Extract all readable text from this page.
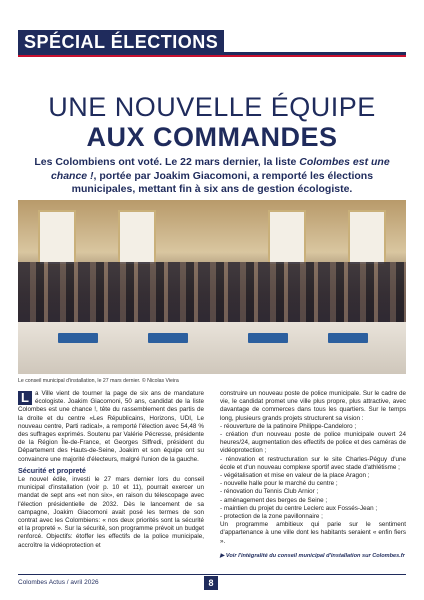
SPÉCIAL ÉLECTIONS
UNE NOUVELLE ÉQUIPE
AUX COMMANDES
Les Colombiens ont voté. Le 22 mars dernier, la liste Colombes est une chance !, portée par Joakim Giacomoni, a remporté les élections municipales, mettant fin à six ans de gestion écologiste.
Le conseil municipal d'installation, le 27 mars dernier. © Nicolas Vieira
L a Ville vient de tourner la page de six ans de mandature écologiste. Joakim Giacomoni, 50 ans, candidat de la liste Colombes est une chance !, tête du rassemblement des partis de la droite et du centre «Les Républicains, Horizons, UDI, Le nouveau centre, Parti radical», a remporté l'élection avec 54,48 % des suffrages exprimés. Soutenu par Valérie Pécresse, présidente de la Région Île-de-France, et Georges Siffredi, président du Département des Hauts-de-Seine, Joakim et son équipe ont su convaincre une majorité d'électeurs, malgré l'union de la gauche.
Sécurité et propreté
Le nouvel édile, investi le 27 mars dernier lors du conseil municipal d'installation (voir p. 10 et 11), pourrait exercer un mandat de sept ans «et non six», en raison du télescopage avec l'élection présidentielle de 2032. Dès le lancement de sa campagne, Joakim Giacomoni avait posé les termes de son contrat avec les Colombiens: « nos deux priorités sont la sécurité et la propreté ». Sur la sécurité, son programme prévoit un budget renforcé. Objectifs: étoffer les effectifs de la police municipale, accroître la vidéoprotection et
construire un nouveau poste de police municipale. Sur le cadre de vie, le candidat promet une ville plus propre, plus attractive, avec davantage de commerces dans tous les quartiers. Sur le temps long, plusieurs grands projets structurent sa vision :
- réouverture de la patinoire Philippe-Candeloro ;
- création d'un nouveau poste de police municipale ouvert 24 heures/24, augmentation des effectifs de police et des caméras de vidéoprotection ;
- rénovation et restructuration sur le site Charles-Péguy d'une école et d'un nouveau complexe sportif avec stade d'athlétisme ;
- végétalisation et mise en valeur de la place Aragon ;
- nouvelle halle pour le marché du centre ;
- rénovation du Tennis Club Arnior ;
- aménagement des berges de Seine ;
- maintien du projet du centre Leclerc aux Fossés-Jean ;
- protection de la zone pavillonnaire ;
Un programme ambitieux qui parie sur le sentiment d'appartenance à une ville dont les habitants seraient « enfin fiers ».
▶ Voir l'intégralité du conseil municipal d'installation sur Colombes.fr
Colombes Actus / avril 2026	8
